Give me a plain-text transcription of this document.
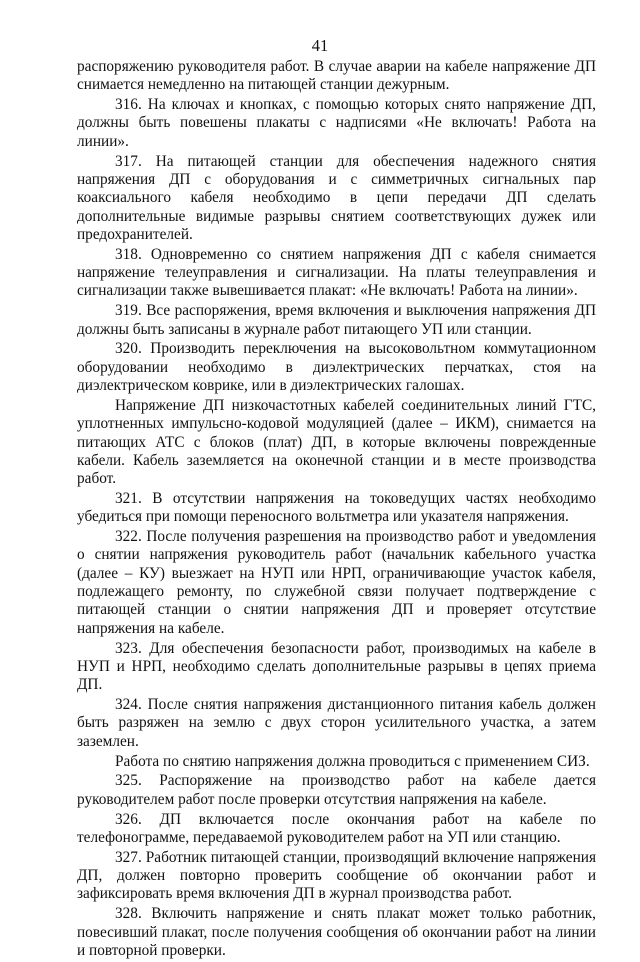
41

распоряжению руководителя работ. В случае аварии на кабеле напряжение ДП снимается немедленно на питающей станции дежурным.

316. На ключах и кнопках, с помощью которых снято напряжение ДП, должны быть повешены плакаты с надписями «Не включать! Работа на линии».

317. На питающей станции для обеспечения надежного снятия напряжения ДП с оборудования и с симметричных сигнальных пар коаксиального кабеля необходимо в цепи передачи ДП сделать дополнительные видимые разрывы снятием соответствующих дужек или предохранителей.

318. Одновременно со снятием напряжения ДП с кабеля снимается напряжение телеуправления и сигнализации. На платы телеуправления и сигнализации также вывешивается плакат: «Не включать! Работа на линии».

319. Все распоряжения, время включения и выключения напряжения ДП должны быть записаны в журнале работ питающего УП или станции.

320. Производить переключения на высоковольтном коммутационном оборудовании необходимо в диэлектрических перчатках, стоя на диэлектрическом коврике, или в диэлектрических галошах.

Напряжение ДП низкочастотных кабелей соединительных линий ГТС, уплотненных импульсно-кодовой модуляцией (далее – ИКМ), снимается на питающих АТС с блоков (плат) ДП, в которые включены поврежденные кабели. Кабель заземляется на оконечной станции и в месте производства работ.

321. В отсутствии напряжения на токоведущих частях необходимо убедиться при помощи переносного вольтметра или указателя напряжения.

322. После получения разрешения на производство работ и уведомления о снятии напряжения руководитель работ (начальник кабельного участка (далее – КУ) выезжает на НУП или НРП, ограничивающие участок кабеля, подлежащего ремонту, по служебной связи получает подтверждение с питающей станции о снятии напряжения ДП и проверяет отсутствие напряжения на кабеле.

323. Для обеспечения безопасности работ, производимых на кабеле в НУП и НРП, необходимо сделать дополнительные разрывы в цепях приема ДП.

324. После снятия напряжения дистанционного питания кабель должен быть разряжен на землю с двух сторон усилительного участка, а затем заземлен.

Работа по снятию напряжения должна проводиться с применением СИЗ.

325. Распоряжение на производство работ на кабеле дается руководителем работ после проверки отсутствия напряжения на кабеле.

326. ДП включается после окончания работ на кабеле по телефонограмме, передаваемой руководителем работ на УП или станцию.

327. Работник питающей станции, производящий включение напряжения ДП, должен повторно проверить сообщение об окончании работ и зафиксировать время включения ДП в журнал производства работ.

328. Включить напряжение и снять плакат может только работник, повесивший плакат, после получения сообщения об окончании работ на линии и повторной проверки.
